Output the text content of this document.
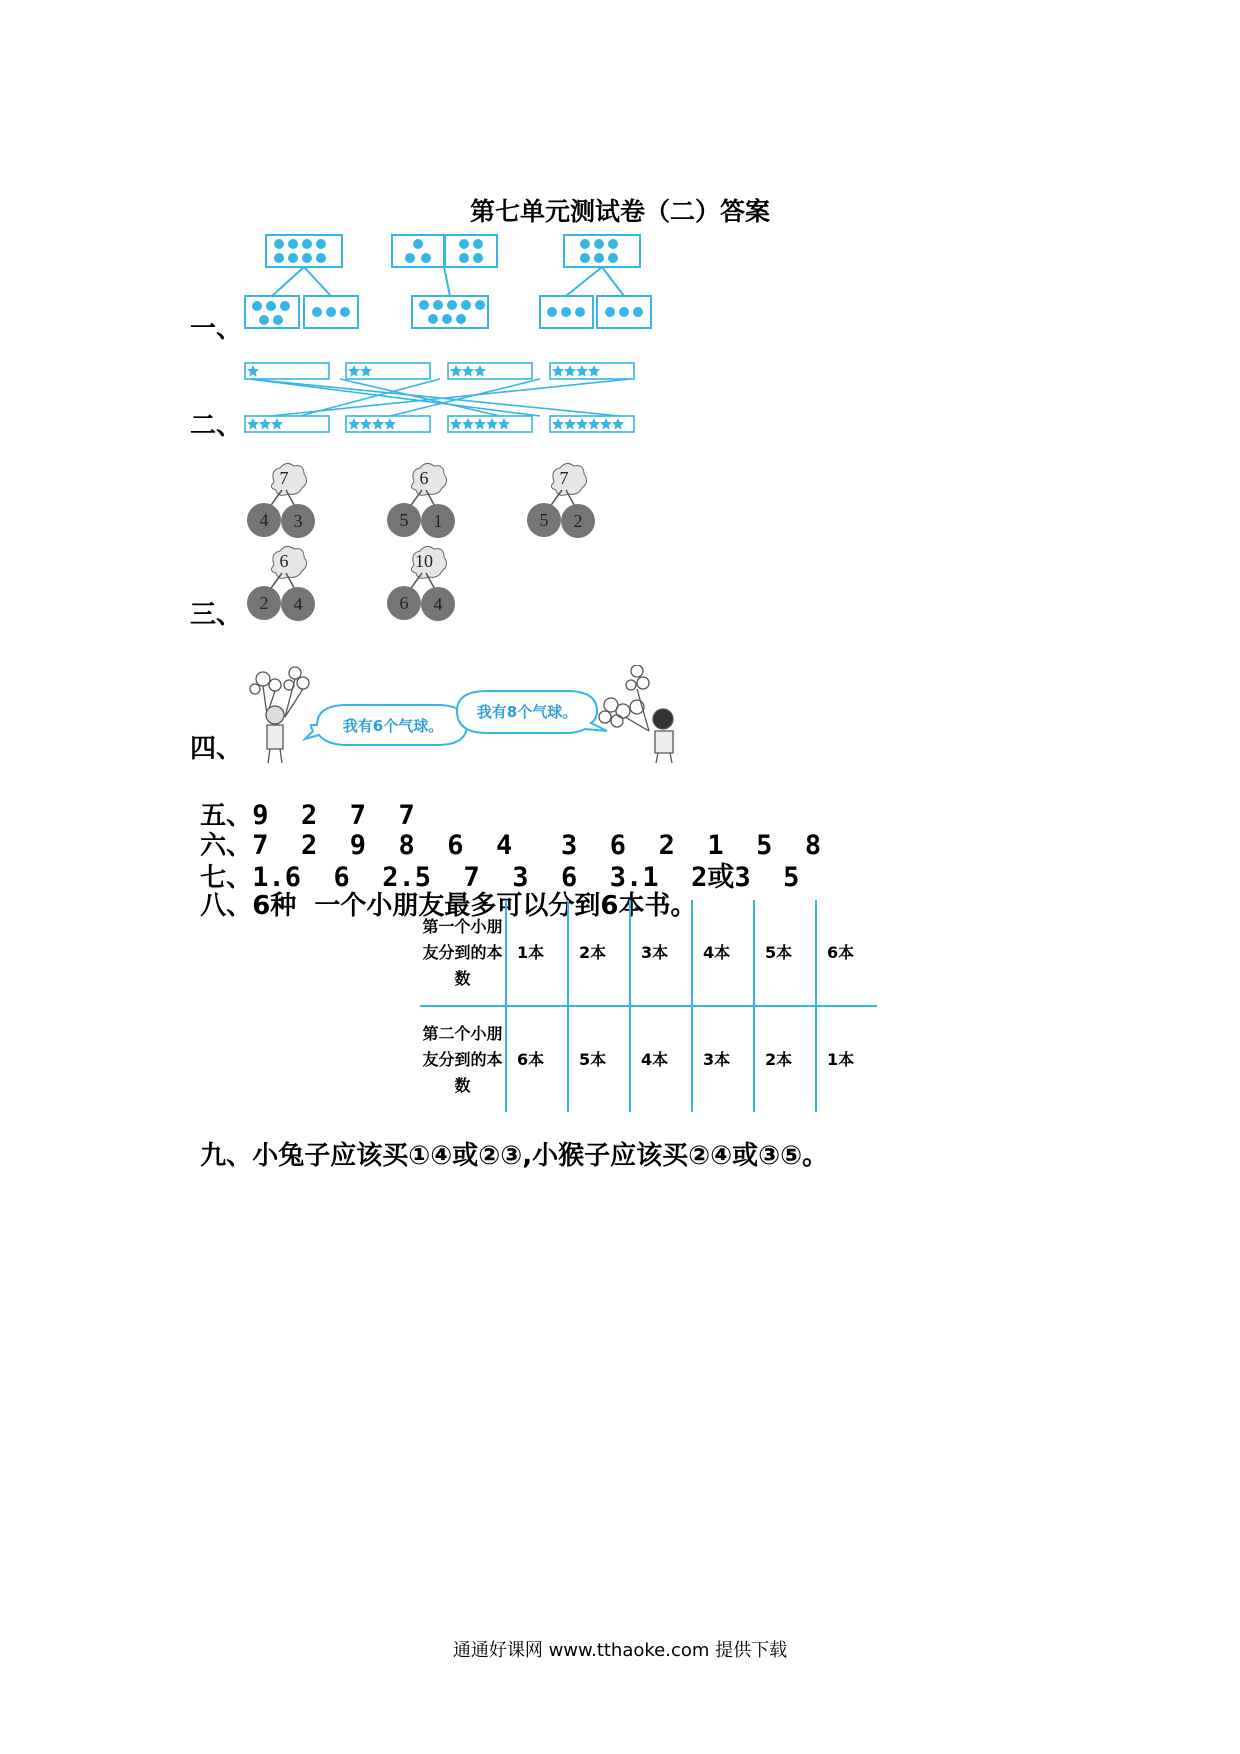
第七单元测试卷（二）答案
一、
二、
三、
7
4 3
6
5 1
7
5 2
6
2 4
10
6 4
四、
我有6个气球。
我有8个气球。

五、9  2  7  7

六、7  2  9  8  6  4   3  6  2  1  5  8

七、1.6  6  2.5  7  3  6  3.1  2或3  5

八、6种  一个小朋友最多可以分到6本书。

第一个小朋友分到的本数	1本	2本	3本	4本	5本	6本
第二个小朋友分到的本数	6本	5本	4本	3本	2本	1本

九、小兔子应该买①④或②③,小猴子应该买②④或③⑤。

通通好课网 www.tthaoke.com 提供下载
